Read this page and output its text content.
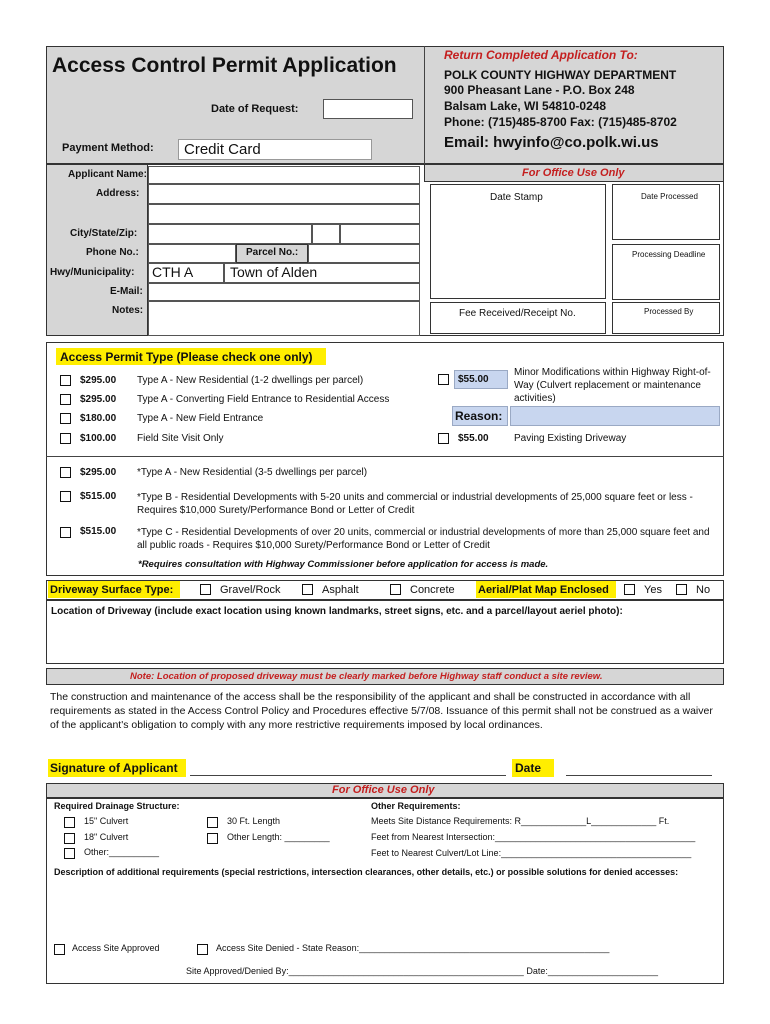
Access Control Permit Application
Date of Request:
Payment Method: Credit Card
Return Completed Application To:
POLK COUNTY HIGHWAY DEPARTMENT
900 Pheasant Lane - P.O. Box 248
Balsam Lake, WI 54810-0248
Phone: (715)485-8700 Fax: (715)485-8702
Email: hwyinfo@co.polk.wi.us
For Office Use Only
Applicant Name:
Address:
City/State/Zip:
Phone No.:	Parcel No.:
Hwy/Municipality: CTH A	Town of Alden
E-Mail:
Notes:
Date Stamp	Date Processed
Processing Deadline
Fee Received/Receipt No.	Processed By
Access Permit Type (Please check one only)
$295.00 Type A - New Residential (1-2 dwellings per parcel)
$295.00 Type A - Converting Field Entrance to Residential Access
$180.00 Type A - New Field Entrance
$100.00 Field Site Visit Only
$55.00
Minor Modifications within Highway Right-of-Way (Culvert replacement or maintenance activities)
Reason:
$55.00	Paving Existing Driveway
$295.00 *Type A - New Residential (3-5 dwellings per parcel)
$515.00 *Type B - Residential Developments with 5-20 units and commercial or industrial developments of 25,000 square feet or less - Requires $10,000 Surety/Performance Bond or Letter of Credit
$515.00 *Type C - Residential Developments of over 20 units, commercial or industrial developments of more than 25,000 square feet and all public roads - Requires $10,000 Surety/Performance Bond or Letter of Credit
*Requires consultation with Highway Commissioner before application for access is made.
Driveway Surface Type:	Gravel/Rock	Asphalt	Concrete Aerial/Plat Map Enclosed	Yes	No
Location of Driveway (include exact location using known landmarks, street signs, etc. and a parcel/layout aeriel photo):
Note: Location of proposed driveway must be clearly marked before Highway staff conduct a site review.
The construction and maintenance of the access shall be the responsibility of the applicant and shall be constructed in accordance with all requirements as stated in the Access Control Policy and Procedures effective 5/7/08. Issuance of this permit shall not be construed as a waiver of the applicant's obligation to comply with any more restrictive requirements imposed by local ordinances.
Signature of Applicant	Date
For Office Use Only
Required Drainage Structure:
15" Culvert
18" Culvert
Other:__________
30 Ft. Length
Other Length: _________
Other Requirements:
Meets Site Distance Requirements: R_____________L_____________ Ft.
Feet from Nearest Intersection:________________________________________
Feet to Nearest Culvert/Lot Line:______________________________________
Description of additional requirements (special restrictions, intersection clearances, other details, etc.) or possible solutions for denied accesses:
Access Site Approved	Access Site Denied - State Reason:__________________________________________________
Site Approved/Denied By:_______________________________________________ Date:______________________
